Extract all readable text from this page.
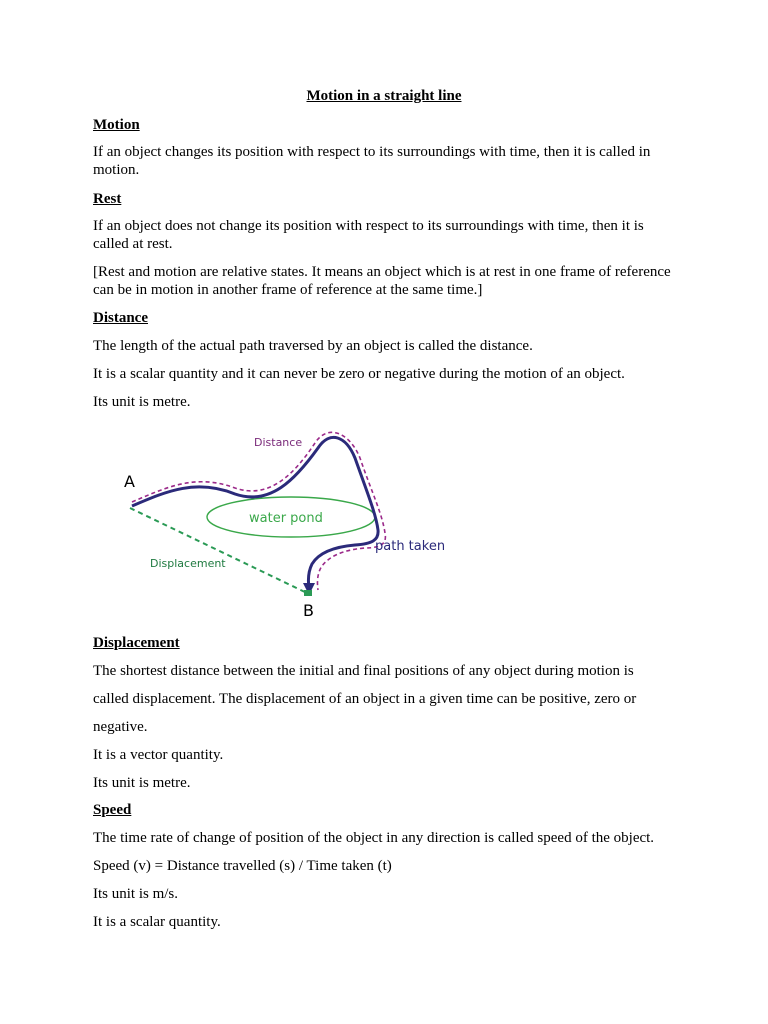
Motion in a straight line
Motion
If an object changes its position with respect to its surroundings with time, then it is called in motion.
Rest
If an object does not change its position with respect to its surroundings with time, then it is called at rest.
[Rest and motion are relative states. It means an object which is at rest in one frame of reference can be in motion in another frame of reference at the same time.]
Distance
The length of the actual path traversed by an object is called the distance.
It is a scalar quantity and it can never be zero or negative during the motion of an object.
Its unit is metre.
A
B
Distance
water pond
path taken
Displacement
Displacement
The shortest distance between the initial and final positions of any object during motion is
called displacement. The displacement of an object in a given time can be positive, zero or
negative.
It is a vector quantity.
Its unit is metre.
Speed
The time rate of change of position of the object in any direction is called speed of the object.
Speed (v) = Distance travelled (s) / Time taken (t)
Its unit is m/s.
It is a scalar quantity.
